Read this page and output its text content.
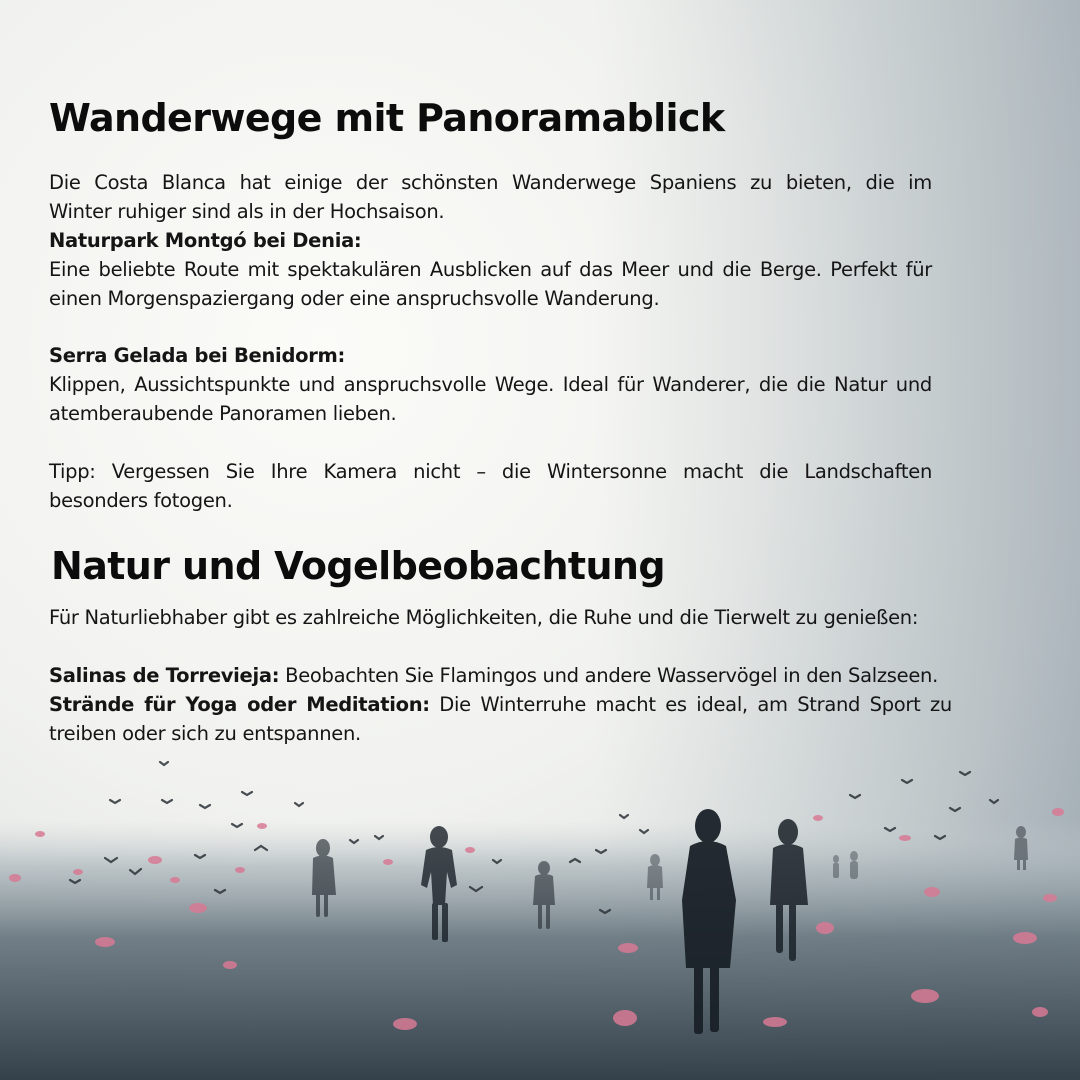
Wanderwege mit Panoramablick
Die Costa Blanca hat einige der schönsten Wanderwege Spaniens zu bieten, die im
Winter ruhiger sind als in der Hochsaison.
Naturpark Montgó bei Denia:
Eine beliebte Route mit spektakulären Ausblicken auf das Meer und die Berge. Perfekt für
einen Morgenspaziergang oder eine anspruchsvolle Wanderung.
Serra Gelada bei Benidorm:
Klippen, Aussichtspunkte und anspruchsvolle Wege. Ideal für Wanderer, die die Natur und
atemberaubende Panoramen lieben.
Tipp: Vergessen Sie Ihre Kamera nicht – die Wintersonne macht die Landschaften
besonders fotogen.
Natur und Vogelbeobachtung
Für Naturliebhaber gibt es zahlreiche Möglichkeiten, die Ruhe und die Tierwelt zu genießen:
Salinas de Torrevieja: Beobachten Sie Flamingos und andere Wasservögel in den Salzseen.
Strände für Yoga oder Meditation: Die Winterruhe macht es ideal, am Strand Sport zu
treiben oder sich zu entspannen.
